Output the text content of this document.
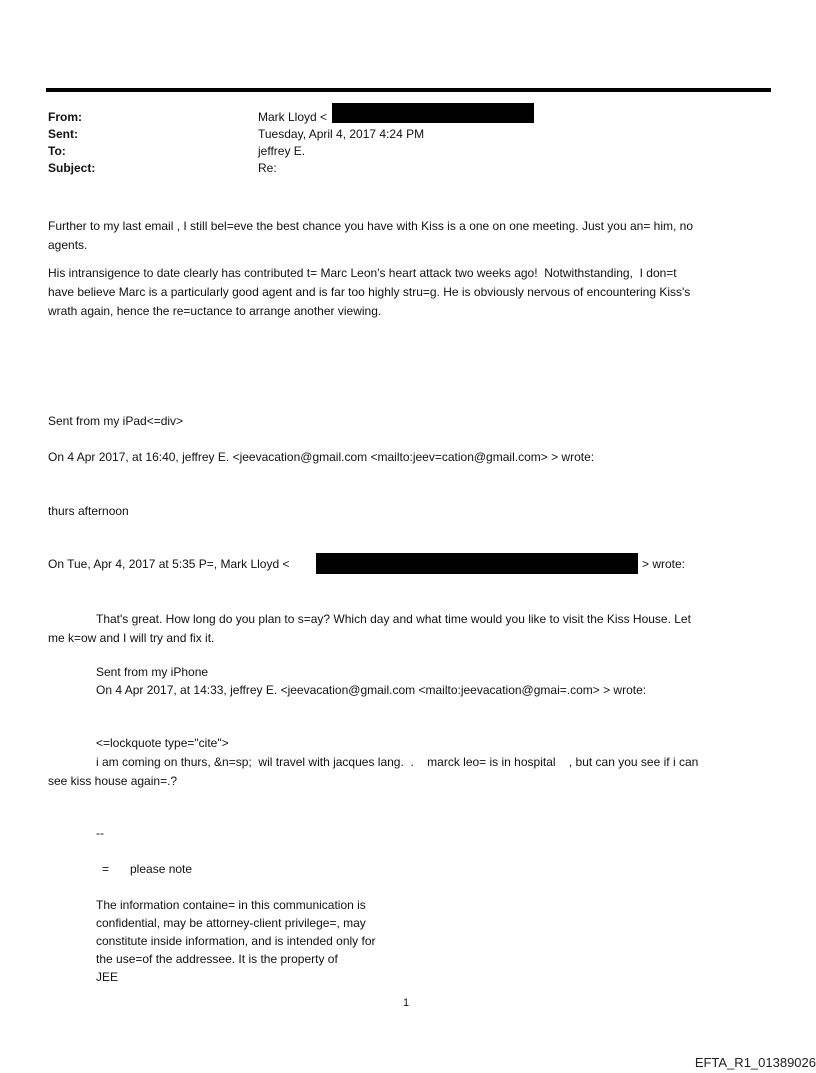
From:	Mark Lloyd <
Sent:	Tuesday, April 4, 2017 4:24 PM
To:	jeffrey E.
Subject:	Re:
Further to my last email , I still bel=eve the best chance you have with Kiss is a one on one meeting. Just you an= him, no
agents.
His intransigence to date clearly has contributed t= Marc Leon's heart attack two weeks ago!  Notwithstanding,  I don=t
have believe Marc is a particularly good agent and is far too highly stru=g. He is obviously nervous of encountering Kiss's
wrath again, hence the re=uctance to arrange another viewing.
Sent from my iPad<=div>
On 4 Apr 2017, at 16:40, jeffrey E. <jeevacation@gmail.com <mailto:jeev=cation@gmail.com> > wrote:
thurs afternoon
On Tue, Apr 4, 2017 at 5:35 P=, Mark Lloyd <	> wrote:
That's great. How long do you plan to s=ay? Which day and what time would you like to visit the Kiss House. Let
me k=ow and I will try and fix it.
Sent from my iPhone
On 4 Apr 2017, at 14:33, jeffrey E. <jeevacation@gmail.com <mailto:jeevacation@gmai=.com> > wrote:
<=lockquote type="cite">
i am coming on thurs, &n=sp;  wil travel with jacques lang.  .    marck leo= is in hospital    , but can you see if i can
see kiss house again=.?
--
= please note
The information containe= in this communication is
confidential, may be attorney-client privilege=, may
constitute inside information, and is intended only for
the use=of the addressee. It is the property of
JEE
1
EFTA_R1_01389026
